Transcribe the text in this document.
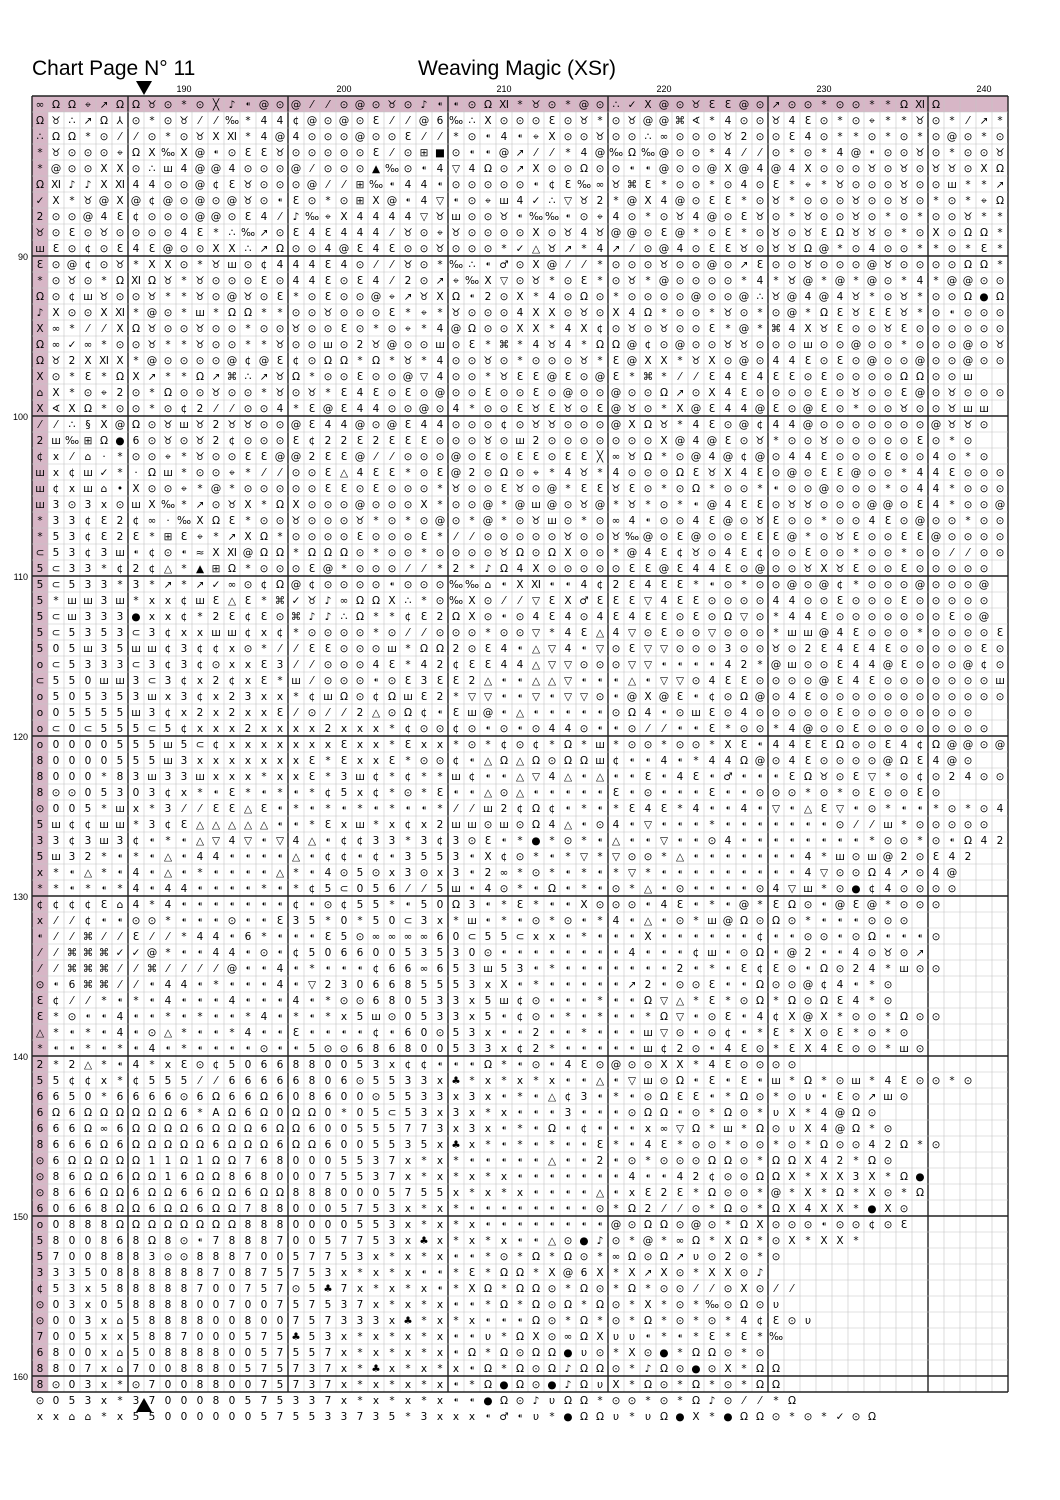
Chart Page N° 11	Weaving Magic (XSr)
190	200	210	220	230	240
90
100
110
120
130
140
150
160
∞ Ω Ω ⌖ ↗ Ω Ω ♉ ⊙ * ⊙ ╳ ♪ ⁌ @ ⊙ @ ⁄ ⁄ ⊙ @ ⊙ ♉ ⊙ ♪ ⁌ ⁌ ⊙ Ω Ⅺ * ♉ ⊙ * @ ⊙ ∴ ✓ Ⅹ @ ⊙ ♉ Ɛ Ɛ @ ⊙ ↗ ⊙ ⊙ * ⊙ ⊙ * * Ω Ⅺ Ω
Ω ♉ ∴ ↗ Ω ⅄ ⊙ * ⊙ ♉ ⁄ ⁄ ‰ * 4 4 ¢ @ ⊙ @ ⊙ Ɛ ⁄ ⁄ @ 6 ‰ ∴ Ⅹ ⊙ ⊙ ⊙ Ɛ ⊙ ♉ * ⊙ ♉ @ @ ⌘ ∢ * 4 ⊙ ⊙ ♉ 4 Ɛ ⊙ * ⊙ ⌖ * * ♉ ⊙ * ⁄ ↗ *
∴ Ω Ω * ⊙ ⁄ ⁄ ⊙ * ⊙ ♉ Ⅹ Ⅺ * 4 @ 4 ⊙ ⊙ ⊙ @ ⊙ ⊙ Ɛ ⁄ ⁄ * ⊙ ⁌ 4 ⁌ ⌖ Ⅹ ⊙ ⊙ ♉ ⊙ ⊙ ∴ ∞ ⊙ ⊙ ⊙ ♉ 2 ⊙ ⊙ Ɛ 4 ⊙ * * ⊙ * ⊙ * ⊙ @ ⊙ * ⊙
* ♉ ⊙ ⊙ ⊙ ⌖ Ω Ⅹ ‰ Ⅹ @ ⁌ ⊙ Ɛ Ɛ ♉ ⊙ ⊙ ⊙ ⊙ ⊙ Ɛ ⁄ ⊙ ⊞ ■ ⊙ ⁌ ⁌ @ ↗ ⁄ ⁄ * 4 @ ‰ Ω ‰ @ ⊙ ⊙ * 4 ⁄ ⁄ ⊙ * ⊙ * 4 @ ⁌ ⊙ ⊙ ♉ ⊙ * ⊙ ⊙ ♉
* @ ⊙ ⊙ Ⅹ Ⅹ ⊙ ∴ ш 4 @ @ 4 ⊙ ⊙ ⊙ @ ⁄ ⊙ ⊙ ⊙ ▲ ‰ ⊙ ⁌ 4 ▽ 4 Ω ⊙ ↗ Ⅹ ⊙ ⊙ Ω ⊙ ⊙ ⁌ ⁌ @ ⊙ ⊙ @ Ⅹ @ 4 @ 4 Ⅹ ⊙ ⊙ ⊙ ♉ ⊙ ♉ ⊙ ♉ ♉ ⊙ Ⅹ Ω
Ω Ⅺ ♪ ♪ Ⅹ Ⅺ 4 4 ⊙ ⊙ @ ¢ Ɛ ♉ ⊙ ⊙ ⊙ @ ⁄ ⁄ ⊞ ‰ ⁌ 4 4 ⁌ ⊙ ⊙ ⊙ ⊙ ⊙ ⁌ ¢ Ɛ ‰ ∞ ♉ ⌘ Ɛ * ⊙ ⊙ * ⊙ 4 ⊙ Ɛ * ⌖ * ♉ ⊙ ⊙ ⊙ ♉ ⊙ ⊙ ш * * ↗
✓ Ⅹ * ♉ @ Ⅹ @ ¢ @ ⊙ @ ⊙ @ ♉ ⊙ ⁌ Ɛ ⊙ * ⊙ ⊞ Ⅹ @ ⁌ 4 ▽ ⁌ ⊙ ⌖ ш 4 ✓ ∴ ▽ ♉ 2 * @ Ⅹ 4 @ ⊙ Ɛ Ɛ * ⊙ ♉ * ⊙ ⊙ ⊙ ♉ ⊙ ⊙ ♉ ⊙ * ⊙ * ⌖ Ω
2 ⊙ ⊙ @ 4 Ɛ ¢ ⊙ ⊙ ⊙ @ @ ⊙ Ɛ 4 ⁄ ♪ ‰ ⌖ Ⅹ 4 4 4 4 ▽ ♉ ш ⊙ ⊙ ♉ ⁌ ‰ ‰ ⁌ ⊙ ⌖ 4 ⊙ * ⊙ ♉ 4 @ ⊙ Ɛ ♉ ⊙ * ♉ ⊙ ⊙ ♉ ⊙ * ⊙ * ⊙ ⊙ ♉ * *
♉ ⊙ Ɛ ⊙ ♉ ⊙ ⊙ ⊙ ⊙ 4 Ɛ * ∴ ‰ ↗ ⊙ Ɛ 4 Ɛ 4 4 4 ⁄ ♉ ⊙ ⌖ ♉ ⊙ ⊙ ⊙ ⊙ Ⅹ ⊙ ♉ 4 ♉ @ @ ⊙ Ɛ @ * ⊙ Ɛ * ⊙ ♉ ⊙ ♉ Ɛ Ω ♉ ♉ ⊙ * ⊙ Ⅹ ⊙ Ω Ω *
ш Ɛ ⊙ ¢ ⊙ Ɛ 4 Ɛ @ ⊙ ⊙ Ⅹ Ⅹ ∴ ↗ Ω ⊙ ⊙ 4 @ Ɛ 4 Ɛ ⊙ ⊙ ♉ ⊙ ⊙ ⊙ * ✓ △ ♉ ↗ * 4 ↗ ⁄ ⊙ @ 4 ⊙ Ɛ Ɛ ♉ ⊙ ♉ ♉ Ω @ * ⊙ 4 ⊙ ⊙ * * ⊙ * Ɛ *
Ɛ ⊙ @ ¢ ⊙ ♉ * Ⅹ Ⅹ ⊙ * ♉ ш ⊙ ¢ 4 4 4 Ɛ 4 ⊙ ⁄ ⁄ ♉ ⊙ * ‰ ∴ ⁌ ♂ ⊙ Ⅹ @ ⁄ ⁄ * ⊙ ⊙ ⊙ ♉ ⊙ ⊙ @ ⊙ ↗ Ɛ ⊙ ⊙ ♉ ⊙ ⊙ ⊙ @ ♉ ⊙ ⊙ ⊙ ⊙ Ω Ω *
* ⊙ ♉ ⊙ * Ω Ⅺ Ω ♉ * ♉ ⊙ ⊙ ⊙ Ɛ ⊙ 4 4 Ɛ ⊙ Ɛ 4 ⁄ 2 ⊙ ↗ ⌖ ‰ Ⅹ ▽ ⊙ ♉ * ⊙ Ɛ * ⊙ ♉ * @ ⊙ ⊙ ⊙ ⊙ * 4 * ♉ @ * @ * @ ⊙ * 4 * @ @ ⊙ ⊙
Ω ⊙ ¢ ш ♉ ⊙ ⊙ ♉ * * ♉ ⊙ @ ♉ ⊙ Ɛ * ⊙ Ɛ ⊙ ⊙ @ ⌖ ↗ ♉ Ⅹ Ω ⁌ 2 ⊙ Ⅹ * 4 ⊙ Ω ⊙ * ⊙ ⊙ ⊙ ⊙ @ ⊙ ⊙ @ ∴ ♉ @ 4 @ 4 ♉ * ⊙ ♉ * ⊙ ⊙ Ω ● Ω
♪ Ⅹ ⊙ ⊙ Ⅹ Ⅺ * @ ⊙ * ш * Ω Ω * * ⊙ ⊙ ♉ ⊙ ⊙ ⊙ Ɛ * ⌖ * ♉ ⊙ ⊙ ⊙ 4 Ⅹ Ⅹ ⊙ ♉ ⊙ Ⅹ 4 Ω * ⊙ ⊙ * ♉ ⊙ * ⊙ @ * Ω Ɛ ♉ Ɛ Ɛ ♉ * ⊙ ⁌ ⊙ ⊙ ⊙
Ⅹ ∞ * ⁄ ⁄ Ⅹ Ω ♉ ⊙ ⊙ ♉ ⊙ ⊙ * ⊙ ⊙ ♉ ⊙ ⊙ Ɛ ⊙ * ⊙ ⌖ * 4 @ Ω ⊙ ⊙ Ⅹ Ⅹ * 4 Ⅹ ¢ ⊙ ♉ ⊙ ♉ ⊙ ⊙ Ɛ * @ * ⌘ 4 Ⅹ ♉ Ɛ ⊙ ⊙ ♉ Ɛ ⊙ ⊙ ⊙ ⊙ ⊙ ⊙
Ω ∞ ✓ ∞ * ⊙ ⊙ ♉ * * ♉ ⊙ ⊙ * * ♉ ⊙ ⊙ ш ⊙ 2 ♉ @ ⊙ ⊙ ш ⊙ Ɛ * ⌘ * 4 ♉ 4 * Ω Ω @ ¢ ⊙ @ ⊙ ⊙ ♉ ♉ ⊙ ⊙ ⊙ ш ⊙ ⊙ @ ⊙ ⊙ * ⊙ ⊙ ⊙ @ ⊙ ♉
Ω ♉ 2 Ⅹ Ⅺ Ⅹ * @ ⊙ ⊙ ⊙ ⊙ @ ¢ @ Ɛ ¢ ⊙ Ω Ω * Ω * ♉ * 4 ⊙ ⊙ ♉ ⊙ * ⊙ ⊙ ⊙ ♉ * Ɛ @ Ⅹ Ⅹ * ♉ Ⅹ ⊙ @ ⊙ 4 4 Ɛ ⊙ Ɛ ⊙ @ ⊙ ⊙ @ ⊙ ⊙ @ ⊙ ⊙
Ⅹ ⊙ * Ɛ * Ω Ⅹ ↗ * * Ω ↗ ⌘ ∴ ↗ ♉ Ω * ⊙ ⊙ Ɛ ⊙ ⊙ @ ▽ 4 ⊙ ⊙ * ♉ Ɛ Ɛ @ Ɛ ⊙ @ Ɛ * ⌘ * ⁄ ⁄ Ɛ 4 Ɛ 4 Ɛ Ɛ ⊙ Ɛ ⊙ ⊙ ⊙ ⊙ Ω Ω ⊙ ⊙ ш
⌂ Ⅹ * ⊙ ⌖ 2 ⊙ * Ω ⊙ ⊙ ♉ ⊙ ⊙ * ♉ ⊙ ♉ * Ɛ 4 Ɛ ⊙ Ɛ ⊙ @ ⊙ ⊙ Ɛ ⊙ ⊙ Ɛ ⊙ @ ⊙ ⊙ @ ⊙ ⊙ Ω ↗ ⊙ Ⅹ 4 Ɛ ⊙ ⊙ ⊙ ⊙ Ɛ ⊙ ♉ ⊙ ⊙ Ɛ @ ⊙ ♉ ⊙ ⊙ ⊙
Ⅹ ∢ Ⅹ Ω * ⊙ ⊙ * ⊙ ¢ 2 ⁄ ⁄ ⊙ ⊙ 4 * Ɛ @ Ɛ 4 4 ⊙ ⊙ @ ⊙ 4 * ⊙ ⊙ Ɛ ♉ Ɛ ♉ ⊙ Ɛ @ ♉ ⊙ * Ⅹ @ Ɛ 4 4 @ Ɛ ⊙ @ Ɛ ⊙ * ⊙ ⊙ ♉ ⊙ ⊙ ♉ ш ш
⁄ ⁄ ∴ § Ⅹ @ Ω ⊙ ♉ ш ♉ 2 ♉ ♉ ⊙ ⊙ @ Ɛ 4 4 @ ⊙ @ Ɛ 4 4 ⊙ ⊙ ⊙ ¢ ⊙ ♉ ♉ ⊙ ⊙ ⊙ @ Ⅹ Ω ♉ * 4 Ɛ ⊙ @ ¢ 4 4 @ ⊙ ⊙ ⊙ ⊙ ⊙ ⊙ ⊙ @ ♉ ♉ ⊙
2 ш ‰ ⊞ Ω ● 6 ⊙ ♉ ⊙ ♉ 2 ¢ ⊙ ⊙ ⊙ Ɛ ¢ 2 2 Ɛ 2 Ɛ Ɛ Ɛ ⊙ ⊙ ⊙ ♉ ⊙ ш 2 ⊙ ⊙ ⊙ ⊙ ⊙ ⊙ ⊙ Ⅹ @ 4 @ Ɛ ⊙ ♉ * ⊙ ⊙ ♉ ⊙ ⊙ ⊙ ⊙ ⊙ Ɛ ⊙ * ⊙
¢ x ⁄ ⌂ · * ⊙ ⊙ ⌖ * ♉ ⊙ ⊙ Ɛ Ɛ @ @ 2 Ɛ Ɛ @ ⁄ ⁄ ⊙ ⊙ ⊙ @ ⊙ Ɛ ⊙ Ɛ Ɛ ⊙ Ɛ Ɛ ╳ ∞ ♉ Ω * ⊙ @ 4 @ ¢ @ ⊙ 4 4 Ɛ ⊙ ⊙ ⊙ Ɛ ⊙ ⊙ 4 ⊙ * ⊙
ш x ¢ ш ✓ * · Ω ш * ⊙ ⊙ ⌖ * ⁄ ⁄ ⊙ ⊙ Ɛ △ 4 Ɛ Ɛ * ⊙ Ɛ @ 2 ⊙ Ω ⊙ ⌖ * 4 ♉ * 4 ⊙ ⊙ ⊙ Ω Ɛ ♉ Ⅹ 4 Ɛ ⊙ @ ⊙ Ɛ Ɛ @ ⊙ ⊙ * 4 4 Ɛ ⊙ ⊙ ⊙
ш ¢ x ш ⌂ • Ⅹ ⊙ ⊙ ⌖ * @ * ⊙ ⊙ ⊙ ⊙ ⊙ Ɛ Ɛ ⊙ Ɛ ⊙ ⊙ ⊙ * ♉ ⊙ ⊙ Ɛ ♉ ⊙ @ * Ɛ Ɛ ♉ Ɛ ⊙ * ⊙ Ω * ⊙ ⊙ * ⁌ ⊙ ⊙ @ ⊙ ⊙ ⊙ * ⊙ 4 4 * ⊙ ⊙ ⊙
ш 3 ⊙ 3 x ⊙ ш Ⅹ ‰ * ↗ ⊙ ♉ Ⅹ * Ω Ⅹ ⊙ ⊙ ⊙ @ ⊙ ⊙ ⊙ Ⅹ * ⊙ ⊙ @ * @ ш @ ⊙ ♉ @ * ♉ * ⊙ * ⁌ @ 4 Ɛ Ɛ ⊙ ♉ ♉ ⊙ ⊙ ⊙ @ @ ⊙ Ɛ 4 * ⊙ ⊙ @
* 3 3 ¢ Ɛ 2 ¢ ∞ · ‰ Ⅹ Ω Ɛ * ⊙ ⊙ ♉ ⊙ ⊙ ⊙ ♉ * ⊙ * ⊙ @ ⊙ * @ * ⊙ ♉ ш ⊙ * ⊙ ∞ 4 ⁌ ⊙ ⊙ 4 Ɛ @ ⊙ ♉ Ɛ ⊙ ⊙ * ⊙ ⊙ 4 Ɛ ⊙ @ ⊙ ⊙ * ⊙ ⊙
* 5 3 ¢ Ɛ 2 Ɛ * ⊞ Ɛ ⌖ * ↗ Ⅹ Ω * ⊙ ⊙ ⊙ ⊙ Ɛ ⊙ ⊙ ⊙ Ɛ * ⁄ ⁄ ⊙ ⊙ ⊙ ⊙ ⊙ ♉ ⊙ ⊙ ♉ ‰ @ ⊙ Ɛ @ ⊙ ⊙ Ɛ Ɛ Ɛ @ * ⊙ ♉ Ɛ ⊙ ⊙ Ɛ Ɛ @ ⊙ ⊙ ⊙ ⊙
⊂ 5 3 ¢ 3 ш ⁌ ¢ ⊙ ⁌ ≈ Ⅹ Ⅺ @ Ω Ω * Ω Ω Ω ⊙ * ⊙ ⊙ * ⊙ ⊙ ⊙ ⊙ ♉ Ω ⊙ Ω Ⅹ ⊙ ⊙ * @ 4 Ɛ ¢ ♉ ⊙ 4 Ɛ ¢ ⊙ ⊙ Ɛ ⊙ ⊙ * ⊙ ⊙ * ⊙ ⊙ ⁄ ⁄ ⊙ ⊙
5 ⊂ 3 3 * ¢ 2 ¢ △ * ▲ ⊞ Ω * ⊙ ⊙ ⊙ Ɛ @ * ⊙ ⊙ ⊙ ⁄ ⁄ * 2 * ♪ Ω 4 Ⅹ ⊙ ⊙ ⊙ ⊙ ⊙ Ɛ Ɛ @ Ɛ 4 4 Ɛ ⊙ @ ⊙ ⊙ ♉ Ⅹ ♉ Ɛ ⊙ ⊙ Ɛ ⊙ ⊙ ⊙ ⊙ ⊙
5 ⊂ 5 3 3 * 3 * ↗ * ↗ ✓ ∞ ⊙ ¢ Ω @ ¢ ⊙ ⊙ ⊙ ⊙ ⁌ ⊙ ⊙ ⊙ ‰ ‰ ⌂ ⁌ Ⅹ Ⅺ ⁌ ⁌ 4 ¢ 2 Ɛ 4 Ɛ Ɛ * ⁌ ⊙ * ⊙ ⊙ @ ⊙ @ ¢ * ⊙ ⊙ ⊙ @ ⊙ ⊙ ⊙ @
5 * ш ш 3 ш * x x ¢ ш Ɛ △ Ɛ * ⌘ ✓ ♉ ♪ ∞ Ω Ω Ⅹ ∴ * ⊙ ‰ Ⅹ ⊙ ⁄ ⁄ ▽ Ɛ Ⅹ ♂ Ɛ Ɛ Ɛ ▽ 4 Ɛ Ɛ ⊙ ⊙ ⊙ ⊙ 4 4 ⊙ ⊙ Ɛ ⊙ ⊙ ⊙ Ɛ ⊙ ⊙ ⊙ ⊙ ⊙
5 ⊂ ш 3 3 3 ● x x ¢ * 2 Ɛ ¢ Ɛ ⊙ ⌘ ♪ ♪ ∴ Ω * * ¢ Ɛ 2 Ω Ⅹ ⊙ ⁌ ⊙ 4 Ɛ 4 ⊙ 4 Ɛ 4 Ɛ Ɛ ⊙ Ɛ ⊙ Ω ▽ ⊙ * 4 4 Ɛ ⊙ ⊙ ⊙ ⊙ ⊙ ⊙ ⊙ Ɛ ⊙ @
5 ⊂ 5 3 5 3 ⊂ 3 ¢ x x ш ш ¢ x ¢ * ⊙ ⊙ ⊙ ⊙ * ⊙ ⁄ ⁄ ⊙ ⊙ ⊙ * ⊙ ⊙ ▽ * 4 Ɛ △ 4 ▽ ⊙ Ɛ ⊙ ⊙ ▽ ⊙ ⊙ ⊙ * ш ш @ 4 Ɛ ⊙ ⊙ ⊙ * ⊙ ⊙ ⊙ ⊙ Ɛ
5 0 5 ш 3 5 ш ш ¢ 3 ¢ ¢ x ⊙ * ⁄ ⁄ Ɛ Ɛ ⊙ ⊙ ⊙ ш * Ω Ω 2 ⊙ Ɛ 4 ⁌ △ ▽ 4 ⁌ ▽ ⊙ Ɛ ▽ ▽ ⊙ ⊙ ⊙ 3 ⊙ ⊙ ♉ ⊙ 2 Ɛ 4 Ɛ 4 Ɛ ⊙ ⊙ ⊙ ⊙ ⊙ Ɛ ⊙
o ⊂ 5 3 3 3 ⊂ 3 ¢ 3 ¢ ⊙ x x Ɛ 3 ⁄ ⁄ ⊙ ⊙ ⊙ 4 Ɛ * 4 2 ¢ Ɛ Ɛ 4 4 △ ▽ ▽ ⊙ ⊙ ⊙ ▽ ▽ ⁌ ⁌ ⁌ ⁌ 4 2 * @ ш ⊙ ⊙ Ɛ 4 4 @ Ɛ ⊙ ⊙ ⊙ @ ¢ ⊙
⊂ 5 5 0 ш ш 3 ⊂ 3 ¢ x 2 ¢ x Ɛ * ш ⁄ ⊙ ⊙ ⊙ ⁌ ⊙ Ɛ 3 Ɛ Ɛ 2 △ ⁌ ⁌ △ △ ▽ ⁌ ⁌ ⁌ △ ⁌ ▽ ▽ ⊙ 4 Ɛ Ɛ ⊙ ⊙ ⊙ ⊙ @ Ɛ 4 Ɛ ⊙ ⊙ ⊙ ⊙ ⊙ ⊙ ⊙ ш
o 5 0 5 3 5 3 ш x 3 ¢ x 2 3 x x * ¢ ш Ω ⊙ ¢ Ω ш Ɛ 2 * ▽ ▽ ⁌ ⁌ ▽ ⁌ ▽ ▽ ⊙ ⁌ @ Ⅹ @ Ɛ ⁌ ¢ ⊙ Ω @ ⊙ 4 Ɛ ⊙ ⊙ ⊙ ⊙ ⊙ ⊙ ⊙ ⊙ ⊙ ⊙ ⊙ ⊙
o 0 5 5 5 5 ш 3 ¢ x 2 x 2 x x Ɛ ⁄ ⊙ ⁄ ⁄ 2 △ ⊙ Ω ¢ ⁌ Ɛ ш @ ⁌ △ ⁌ ⁌ ⁌ ⁌ ⁌ ⊙ Ω 4 ⁌ ⊙ ш Ɛ ⊙ 4 ⊙ ⊙ ⊙ ⊙ ⊙ Ɛ ⊙ ⊙ ⊙ ⊙ ⊙ ⊙ ⊙ ⊙
o ⊂ 0 ⊂ 5 5 5 ⊂ 5 ¢ x x x 2 x x x x 2 x x x * ¢ ⊙ ⊙ ¢ ⊙ ⁌ ⊙ ⁌ ⊙ 4 4 ⊙ ⁌ ⁌ ⊙ ⁄ ⁄ ⁌ ⁌ Ɛ * ⊙ ⊙ * 4 @ ⊙ ⊙ Ɛ ⊙ ⊙ ⊙ ⊙ ⊙ ⊙ ⊙ ⊙
o 0 0 0 0 5 5 5 ш 5 ⊂ ¢ x x x x x x x Ɛ x x * Ɛ x x * ⊙ * ¢ ⊙ ¢ * Ω * ш * ⊙ ⊙ * ⊙ ⊙ * Ⅹ Ɛ ⁌ 4 4 Ɛ Ɛ Ω ⊙ ⊙ Ɛ 4 ¢ Ω @ @ ⊙ @
8 0 0 0 0 5 5 5 ш 3 x x x x x x x Ɛ * Ɛ x x Ɛ * ⊙ ⊙ ¢ ⁌ △ Ω △ Ω ⊙ Ω Ω ш ¢ ⁌ ⁌ 4 ⁌ * 4 4 Ω @ ⊙ 4 Ɛ ⊙ ⊙ ⊙ ⊙ @ Ω Ɛ 4 @ ⊙
8 0 0 0 * 8 3 ш 3 3 ш x x x * x x Ɛ * 3 ш ¢ * ¢ * * ш ¢ ⁌ ⁌ △ ▽ 4 △ ⁌ △ ⁌ ⁌ Ɛ ⁌ 4 Ɛ ⁌ ♂ ⁌ ⁌ ⁌ Ɛ Ω ♉ ⊙ Ɛ ▽ * ⊙ ¢ ⊙ 2 4 ⊙ ⊙
8 ⊙ ⊙ 0 5 3 0 3 ¢ x * ⁌ Ɛ * ⁌ * ⁌ * ¢ 5 x ¢ * ⊙ * Ɛ ⁌ ⁌ △ ⊙ △ ⁌ ⁌ ⁌ ⁌ ⁌ Ɛ ⁌ ⊙ ⁌ ⁌ ⁌ Ɛ ⁌ ⁌ ⊙ ⊙ ⊙ * ⊙ * ⊙ Ɛ ⊙ ⊙ Ɛ ⊙
⊙ 0 0 5 * ш x * 3 ⁄ ⁄ Ɛ Ɛ △ Ɛ ⁌ * ⁌ * ⁌ * ⁌ * ⁌ ⁌ * ⁄ ⁄ ш 2 ¢ Ω ¢ ⁌ * ⁌ * Ɛ 4 Ɛ * 4 ⁌ ⁌ 4 ⁌ ▽ ⁌ △ Ɛ ▽ ⁌ ⊙ * ⁌ ⁌ * ⊙ * ⊙ 4
5 ш ¢ ¢ ш ш * 3 ¢ Ɛ △ △ △ △ △ ⁌ ⁌ * Ɛ x ш * x ¢ x 2 ш ш ⊙ ш ⊙ Ω 4 △ ⁌ ⊙ 4 ⁌ ▽ ⁌ ⁌ ⁌ * ⁌ ⁌ ⁌ ⁌ ⁌ ⁌ ⁌ ⊙ ⁄ ⁄ ш * ⊙ ⊙ ⊙ ⊙ ⊙
3 3 ¢ 3 ш 3 ¢ ⁌ * ⁌ △ ▽ 4 ▽ ⁌ ▽ 4 △ ⁌ ¢ ¢ 3 3 * 3 ¢ 3 ⊙ Ɛ ⁌ * ● * ⊙ * ⁌ △ ⁌ ⁌ ▽ ⁌ ⁌ ⊙ 4 ⁌ ⁌ ⁌ ⁌ ⁌ ⁌ ⁌ ⁌ * ⊙ ⊙ * ⊙ ⁌ Ω 4 2
5 ш 3 2 * ⁌ * ⁌ △ ⁌ 4 4 ⁌ ⁌ ⁌ ⁌ △ ⁌ ¢ ¢ ⁌ ¢ ⁌ 3 5 5 3 ⁌ Ⅹ ¢ ⊙ * ⁌ * ▽ * ▽ ⊙ ⊙ * △ ⁌ ⁌ ⁌ ⁌ ⁌ ⁌ ⁌ 4 * ш ⊙ ш @ 2 ⊙ Ɛ 4 2
x * ⁌ △ * ⁌ 4 ⁌ △ ⁌ * ⁌ ⁌ ⁌ ⁌ △ * ⁌ 4 ⊙ 5 ⊙ x 3 ⊙ x 3 ⁌ 2 ∞ * ⊙ * ⁌ * ⁌ * ▽ * ⁌ ⁌ ⁌ ⁌ ⁌ ⁌ ⁌ ⁌ ⁌ 4 ▽ ⊙ ⊙ Ω 4 ↗ ⊙ 4 @
* * ⁌ * ⁌ * 4 ⁌ 4 4 ⁌ ⁌ ⁌ ⁌ * ⁌ * ¢ 5 ⊂ 0 5 6 ⁄ ⁄ 5 ш ⁌ 4 ⊙ * ⁌ Ω ⁌ * ⁌ ⊙ * △ ⁌ ⊙ ⁌ ⁌ ⁌ ⁌ ⊙ 4 ▽ ш * ⊙ ● ¢ 4 ⊙ ⊙ ⊙ ⊙
¢ ¢ ¢ ¢ Ɛ ⌂ 4 * 4 ⁌ ⁌ ⁌ ⁌ ⁌ ⁌ ⁌ ¢ ⁌ ⊙ ¢ 5 5 * ⁌ 5 0 Ω 3 ⁌ * Ɛ * ⁌ ⁌ Ⅹ ⊙ ⊙ ⊙ ⁌ 4 Ɛ ⁌ * ⁌ @ * Ɛ Ω ⊙ ⁌ @ Ɛ @ * ⊙ ⊙ ⊙
x ⁄ ⁄ ¢ ⁌ ⁌ ⊙ ⊙ * ⁌ ⁌ ⁌ ⊙ ⁌ ⁌ Ɛ 3 5 * 0 * 5 0 ⊂ 3 x * ш ⁌ * ⁌ ⊙ * ⊙ ⁌ * 4 ⁌ △ ⁌ ⊙ * ш @ Ω ⊙ Ω ⊙ * ⁌ ⁌ ⁌ ⊙ ⊙ ⊙
⁌ ⁄ ⁄ ⌘ ⁄ ⁄ Ɛ ⁄ ⁄ * 4 4 ⁌ 6 * ⁌ ⁌ ⁌ Ɛ 5 ⊙ ∞ ∞ ∞ ∞ 6 0 ⊂ 5 5 ⊂ x x ⁌ * ⁌ ⁌ ⁌ Ⅹ ⁌ ⁌ ⁌ ⁌ ⁌ ⁌ ¢ ⁌ ⁌ ⊙ ⊙ ⁌ ⊙ Ω ⁌ ⁌ ⁌ ⊙
⁄ ⁄ ⌘ ⌘ ⌘ ✓ ✓ @ * ⁌ ⁌ 4 4 ⁌ ⊙ ⁌ ¢ 5 0 6 6 0 0 5 3 5 3 0 ⊙ ⁌ ⁌ ⁌ ⁌ ⁌ ⁌ ⁌ ⁌ 4 ⁌ ⁌ ⁌ ¢ ш ⁌ ⊙ Ω ⁌ @ 2 ⁌ ⁌ 4 ⊙ ♉ ⊙ ↗
⁄ ⁄ ⌘ ⌘ ⌘ ⁄ ⁄ ⌘ ⁄ ⁄ ⁄ ⁄ @ ⁌ ⁌ 4 ⁌ * ⁌ ⁌ ⁌ ¢ 6 6 ∞ 6 5 3 ш 5 3 ⁌ * ⁌ ⁌ ⁌ ⁌ ⁌ ⁌ ⁌ 2 ⁌ * ⁌ Ɛ ¢ Ɛ ⊙ ⁌ Ω ⊙ 2 4 * ш ⊙ ⊙
⊙ ⁌ 6 ⌘ ⌘ ⁄ ⁄ ⁌ 4 4 ⁌ * ⁌ ⁌ ⁌ 4 ⁌ ▽ 2 3 0 6 6 8 5 5 5 3 x Ⅹ ⁌ * ⁌ ⁌ ⁌ ⁌ ⁌ ↗ 2 ⁌ ⊙ ⊙ Ɛ ⁌ ⁌ Ω ⊙ ⊙ @ ¢ 4 ⁌ * ⊙
Ɛ ¢ ⁄ ⁄ * ⁌ * ⁌ 4 ⁌ ⁌ ⁌ 4 ⁌ ⁌ ⁌ 4 ⁌ * ⊙ ⊙ 6 8 0 5 3 3 x 5 ш ¢ ⊙ ⁌ ⁌ ⁌ * ⁌ ⁌ Ω ▽ △ * Ɛ * ⊙ Ω * Ω ⊙ Ω Ɛ 4 * ⊙
Ɛ * ⊙ ⁌ ⁌ 4 ⁌ ⁌ * ⁌ * ⁌ ⁌ * 4 ⁌ * ⁌ * x 5 ш ⊙ 0 5 3 3 x 5 ⁌ ¢ ⊙ ⁌ * ⁌ * ⁌ ⁌ * Ω ▽ ⁌ ⊙ Ɛ ⁌ 4 ¢ Ⅹ @ Ⅹ * ⊙ ⊙ * Ω ⊙ ⊙
△ * ⁌ * ⁌ 4 ⁌ ⊙ △ * ⁌ ⁌ * 4 ⁌ ⁌ Ɛ ⁌ ⁌ ⁌ ⁌ ¢ ⁌ 6 0 ⊙ 5 3 x ⁌ ⁌ 2 ⁌ ⁌ * ⁌ ⁌ ⁌ ш ▽ ⊙ ⁌ ⊙ ¢ ⁌ * Ɛ * Ⅹ ⊙ Ɛ * ⊙ * ⊙
* ⁌ ⁌ * ⁌ * ⁌ 4 ⁌ * ⁌ ⁌ ⁌ ⁌ ⊙ ⁌ ⁌ 5 ⊙ ⊙ 6 8 6 8 0 0 5 3 3 x ¢ 2 * ⁌ ⁌ ⁌ ⁌ ⁌ ш ¢ 2 ⊙ ⁌ 4 Ɛ ⊙ * Ɛ Ⅹ 4 Ɛ ⊙ ⊙ * ш ⊙
2 * 2 △ * ⁌ 4 * x Ɛ ⊙ ¢ 5 0 6 6 8 8 0 0 5 3 x ¢ ¢ ⁌ ⁌ ⁌ Ω * ⁌ ⊙ ⁌ 4 Ɛ ⊙ @ ⊙ ⊙ Ⅹ Ⅹ * 4 Ɛ ⊙ ⊙ ⊙ ⊙
5 5 ¢ ¢ x * ¢ 5 5 5 ⁄ ⁄ 6 6 6 6 6 8 0 6 ⊙ 5 5 3 3 x ♣ * x * x * x ⁌ ⁌ △ ⁌ ▽ ш ⊙ Ω ⁌ Ɛ ⁌ Ɛ ⁌ ш * Ω * ⊙ ш * 4 Ɛ ⊙ ⊙ * ⊙
6 6 5 0 * 6 6 6 6 ⊙ 6 Ω 6 6 Ω 6 0 8 6 0 0 ⊙ 5 5 3 3 x 3 x ⁌ * ⁌ △ ¢ 3 ⁌ * ⁌ ⊙ Ω Ɛ Ɛ ⁌ * Ω ⊙ * ⊙ υ ⁌ Ɛ ⊙ ↗ ш ⊙
6 Ω 6 Ω Ω Ω Ω Ω Ω 6 * Α Ω 6 Ω 0 Ω Ω 0 * 0 5 ⊂ 5 3 x 3 x * x ⁌ ⁌ ⁌ 3 ⁌ ⁌ ⁌ ⊙ Ω Ω ⁌ ⊙ * Ω ⊙ * υ Ⅹ * 4 @ Ω ⊙
6 6 6 Ω ∞ 6 Ω Ω Ω Ω 6 Ω Ω Ω 6 Ω Ω 6 0 0 5 5 5 7 7 3 x 3 x ⁌ * ⁌ Ω ⁌ ¢ ⁌ ⁌ ⁌ x ∞ ▽ Ω * ш * Ω ⊙ υ Ⅹ 4 @ Ω * ⊙
8 6 6 6 Ω 6 Ω Ω Ω Ω Ω 6 Ω Ω Ω 6 Ω Ω 6 0 0 5 5 3 5 x ♣ x * ⁌ * ⁌ * ⁌ ⁌ Ɛ * ⁌ 4 Ɛ * ⊙ ⊙ * ⊙ ⊙ * ⊙ * Ω ⊙ ⊙ 4 2 Ω * ⊙
⊙ 6 Ω Ω Ω Ω Ω 1 1 Ω 1 Ω Ω 7 6 8 0 0 0 5 5 3 7 x * x * ⁌ ⁌ ⁌ ⁌ ⁌ △ ⁌ ⁌ 2 ⁌ ⊙ * ⊙ ⊙ ⊙ Ω Ω ⊙ * Ω Ω Ⅹ 4 2 * Ω ⊙
⊙ 8 6 Ω Ω 6 Ω Ω 1 6 Ω Ω 8 6 8 0 0 0 7 5 5 3 7 x * x * x * x ⁌ ⁌ ⁌ ⁌ ⁌ ⁌ ⁌ 4 ⁌ ⁌ 4 2 ¢ ⊙ ⊙ Ω Ω Ⅹ * Ⅹ Ⅹ 3 Ⅹ * Ω ●
⊙ 8 6 6 Ω Ω 6 Ω Ω 6 6 Ω Ω 6 Ω Ω 8 8 8 0 0 0 5 7 5 5 x * x * x ⁌ ⁌ ⁌ ⁌ △ ⁌ x Ɛ 2 Ɛ * Ω ⊙ ⊙ * @ * Ⅹ * Ω * Ⅹ ⊙ * Ω
6 0 6 6 8 Ω Ω 6 Ω Ω 6 Ω Ω 7 8 8 0 0 0 5 7 5 3 x * x * ⁌ ⁌ ⁌ ⁌ ⁌ ⁌ ⁌ ⁌ ⊙ * Ω 2 ⁄ ⁄ ⊙ * Ω ⊙ * Ω Ⅹ 4 Ⅹ Ⅹ * ● Ⅹ ⊙
o 0 8 8 8 Ω Ω Ω Ω Ω Ω Ω Ω 8 8 8 0 0 0 0 5 5 3 x * x * x ⁌ ⁌ ⁌ ⁌ ⁌ ⁌ ⁌ ⁌ @ ⊙ Ω Ω ⊙ @ ⊙ * Ω Ⅹ ⊙ ⊙ ⊙ ⁌ ⊙ ⊙ ¢ ⊙ Ɛ
5 8 0 0 8 6 8 Ω 8 ⊙ ⁌ 7 8 8 8 7 0 0 5 7 7 5 3 x ♣ x * x * x ⁌ ⁌ △ ⊙ ● ♪ ⊙ * @ * ∞ Ω * Ⅹ Ω * ⊙ Ⅹ * Ⅹ Ⅹ *
5 7 0 0 8 8 8 3 ⊙ ⊙ 8 8 8 7 0 0 5 7 7 5 3 x * x * x ⁌ ⁌ * ⊙ * Ω * Ω ⊙ * ∞ Ω ⊙ Ω ↗ υ ⊙ 2 ⊙ * ⊙
3 3 3 5 0 8 8 8 8 8 8 7 0 8 7 5 7 5 3 x * x * x ⁌ ⁌ * Ɛ * Ω Ω * Ⅹ @ 6 Ⅹ * Ⅹ ↗ Ⅹ ⊙ * Ⅹ Ⅹ ⊙ ♪
¢ 5 3 x 5 8 8 8 8 8 7 0 0 7 5 7 ⊙ 5 ♣ 7 x * x * x ⁌ * Ⅹ Ω * Ω Ω ⊙ * Ω ⊙ * Ω * ⊙ ⊙ ⁄ ⁄ ⊙ Ⅹ ⊙ ⁄ ⁄
⊙ 0 3 x 0 5 8 8 8 8 0 0 7 0 0 7 5 7 5 3 7 x * x * x ⁌ ⁌ * Ω * Ω ⊙ Ω * Ω ⊙ * Ⅹ * ⊙ * ‰ ⊙ Ω ⊙ υ
⊙ 0 0 3 x ⌂ 5 8 8 8 8 0 0 8 0 0 7 5 7 3 3 3 x ♣ * x * x ⁌ ⁌ ⁌ Ω ⊙ * Ω * ⊙ * Ω * ⊙ * ⊙ * 4 ¢ Ɛ ⊙ υ
7 0 0 5 x x 5 8 8 7 0 0 0 5 7 5 ♣ 5 3 x * x * x * x ⁌ ⁌ υ * Ω Ⅹ ⊙ ∞ Ω Ⅹ υ υ ⁌ * ⁌ * Ɛ * Ɛ * ‰
6 8 0 0 x ⌂ 5 0 8 8 8 8 0 0 5 7 5 5 7 x * x * x * x ⁌ Ω * Ω ⊙ Ω Ω ● υ ⊙ * Ⅹ ⊙ ● * Ω Ω ⊙ * ⊙
8 8 0 7 x ⌂ 7 0 0 8 8 8 0 5 7 5 7 3 7 x * ♣ x * x * x ⁌ Ω * Ω ⊙ Ω ♪ Ω Ω ⊙ * ♪ Ω ⊙ ● ⊙ Ⅹ * Ω Ω
8 ⊙ 0 3 x * ⊙ 7 0 0 8 8 0 0 7 5 7 3 7 x * x * x * x ⁌ * Ω ● Ω ⊙ ● ♪ Ω υ Ⅹ * Ω ⊙ * Ω * ⊙ * Ω Ω
⊙ 0 5 3 x * 3 7 0 0 0 8 0 5 7 5 3 3 7 x * x * x * x ⁌ ⁌ ● Ω ⊙ ♪ υ Ω Ω * ⊙ ⊙ * ⊙ * Ω ♪ ⊙ ⁄ ⁄ * Ω
x x ⌂ ⌂ * x 5 5 0 0 0 0 0 0 5 7 5 5 3 3 7 3 5 * 3 x x x ⁌ ♂ ⁌ υ * ● Ω Ω υ * υ Ω ● Ⅹ * ● Ω Ω ⊙ * ⊙ * ✓ ⊙ Ω
